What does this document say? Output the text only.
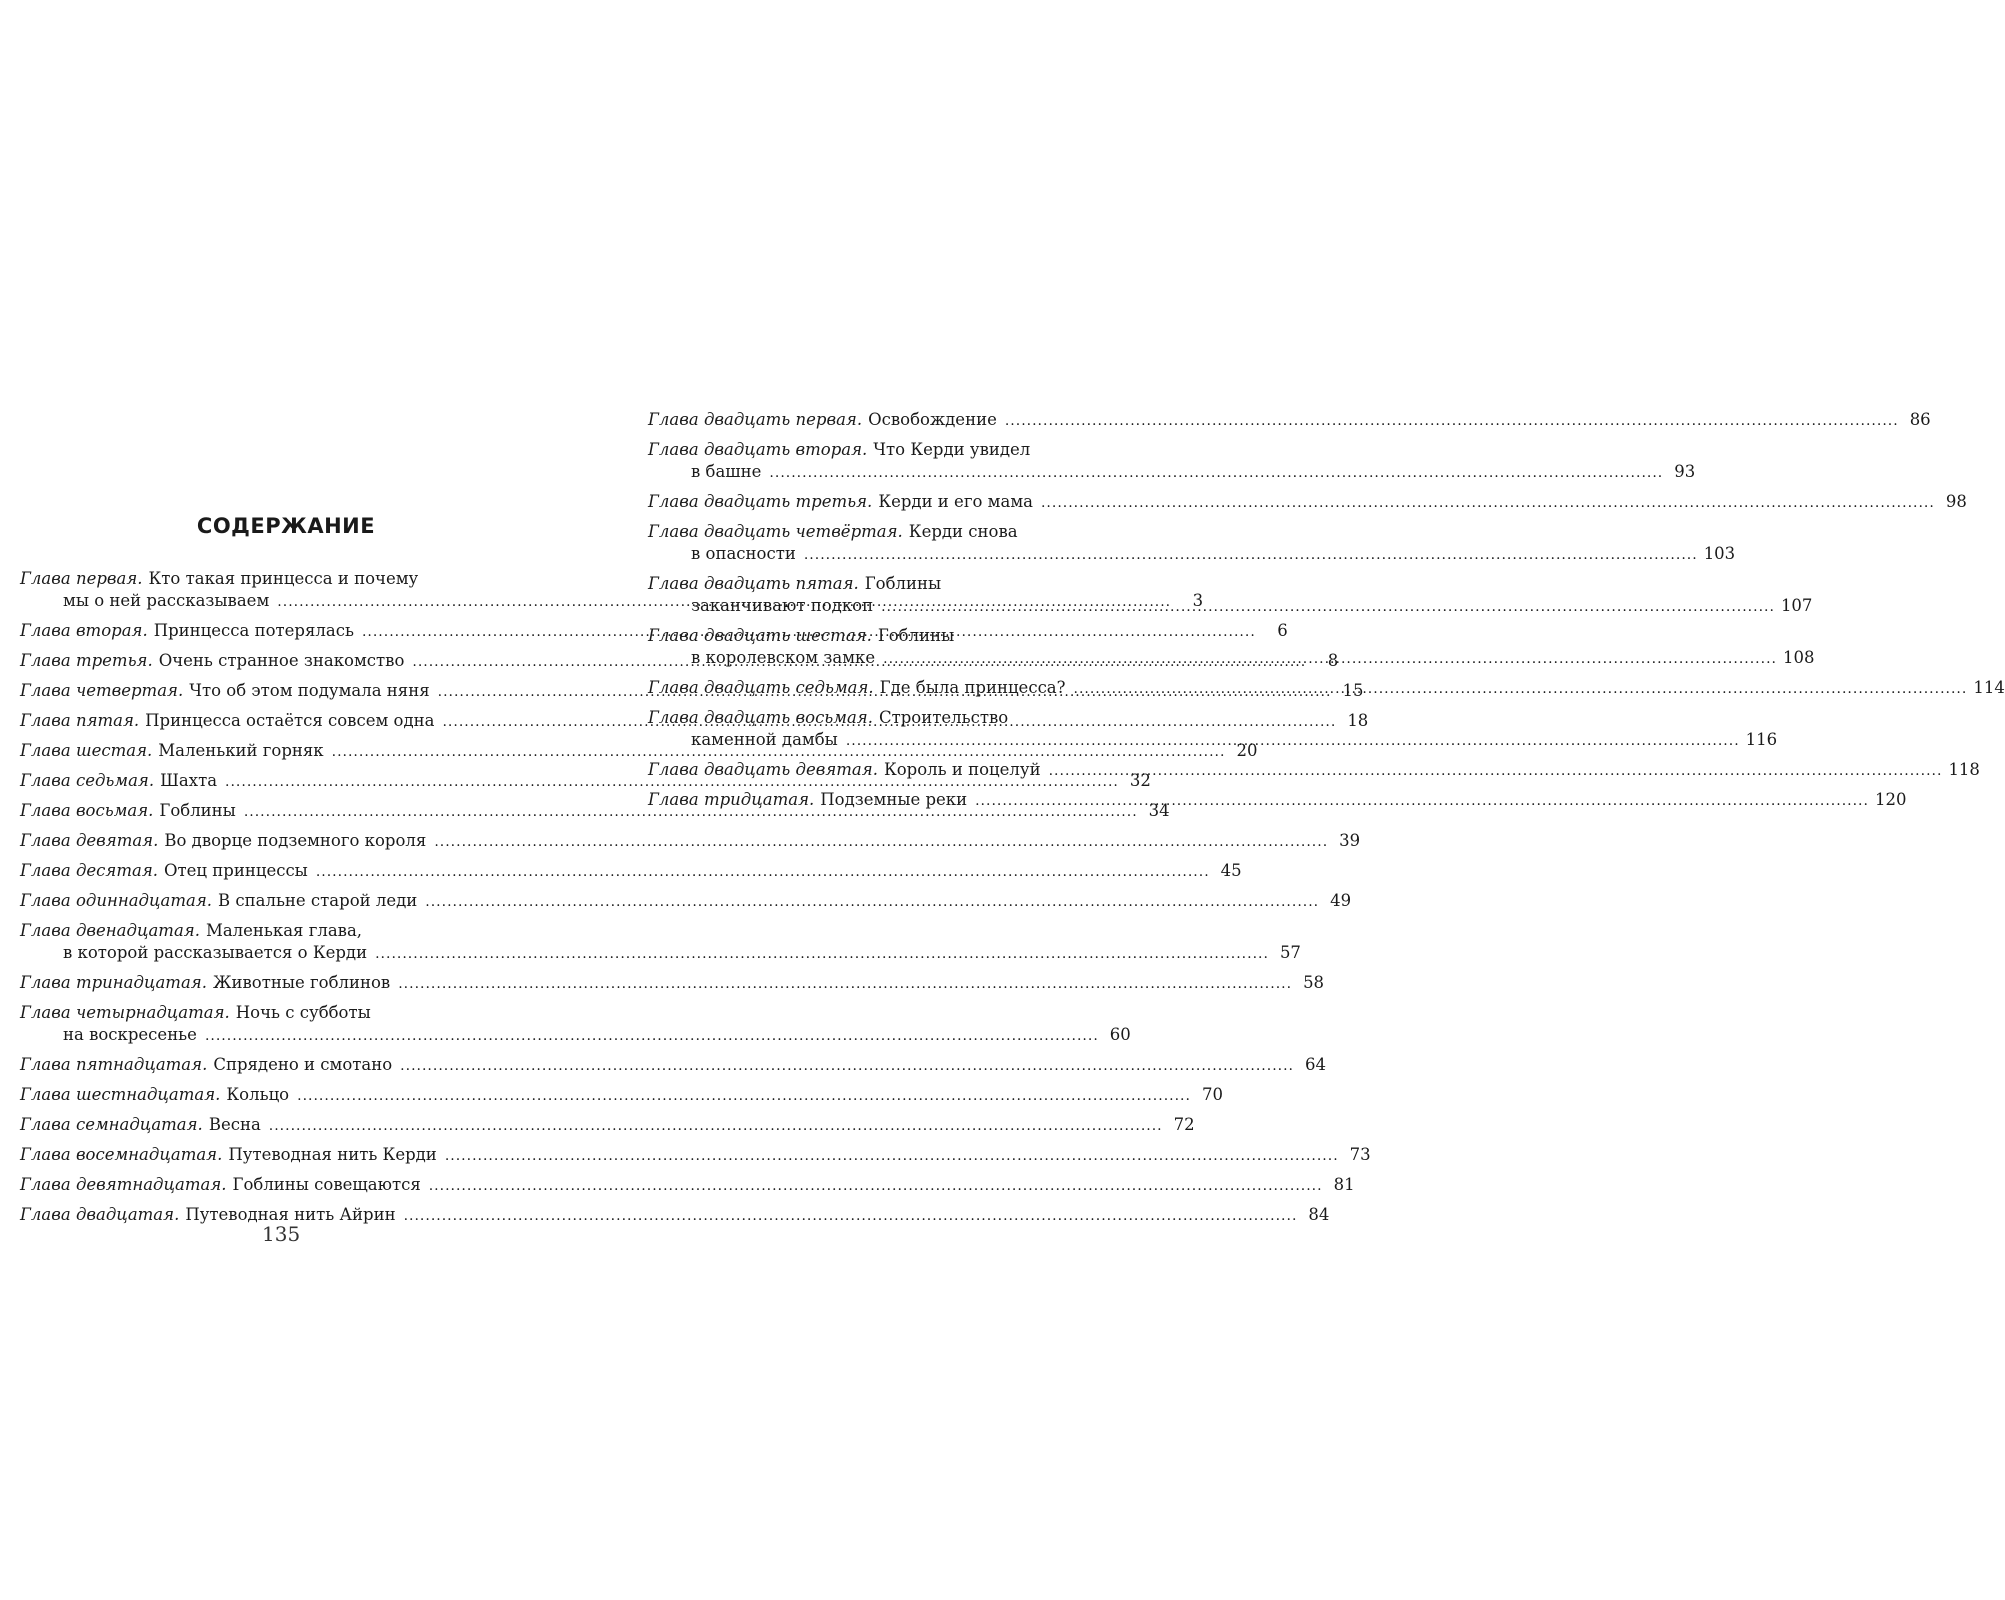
СОДЕРЖАНИЕ
Глава первая. Кто такая принцесса и почему
мы о ней рассказываем .....	3
Глава вторая. Принцесса потерялась .....	6
Глава третья. Очень странное знакомство .....	8
Глава четвертая. Что об этом подумала няня .....	15
Глава пятая. Принцесса остаётся совсем одна .....	18
Глава шестая. Маленький горняк .....	20
Глава седьмая. Шахта .....	32
Глава восьмая. Гоблины .....	34
Глава девятая. Во дворце подземного короля .....	39
Глава десятая. Отец принцессы .....	45
Глава одиннадцатая. В спальне старой леди .....	49
Глава двенадцатая. Маленькая глава,
в которой рассказывается о Керди .....	57
Глава тринадцатая. Животные гоблинов .....	58
Глава четырнадцатая. Ночь с субботы
на воскресенье .....	60
Глава пятнадцатая. Спрядено и смотано .....	64
Глава шестнадцатая. Кольцо .....	70
Глава семнадцатая. Весна .....	72
Глава восемнадцатая. Путеводная нить Керди .....	73
Глава девятнадцатая. Гоблины совещаются .....	81
Глава двадцатая. Путеводная нить Айрин .....	84
Глава двадцать первая. Освобождение .....	86
Глава двадцать вторая. Что Керди увидел
в башне .....	93
Глава двадцать третья. Керди и его мама .....	98
Глава двадцать четвёртая. Керди снова
в опасности .....	103
Глава двадцать пятая. Гоблины
заканчивают подкоп .....	107
Глава двадцать шестая. Гоблины
в королевском замке .....	108
Глава двадцать седьмая. Где была принцесса? .....	114
Глава двадцать восьмая. Строительство
каменной дамбы .....	116
Глава двадцать девятая. Король и поцелуй .....	118
Глава тридцатая. Подземные реки .....	120
135
